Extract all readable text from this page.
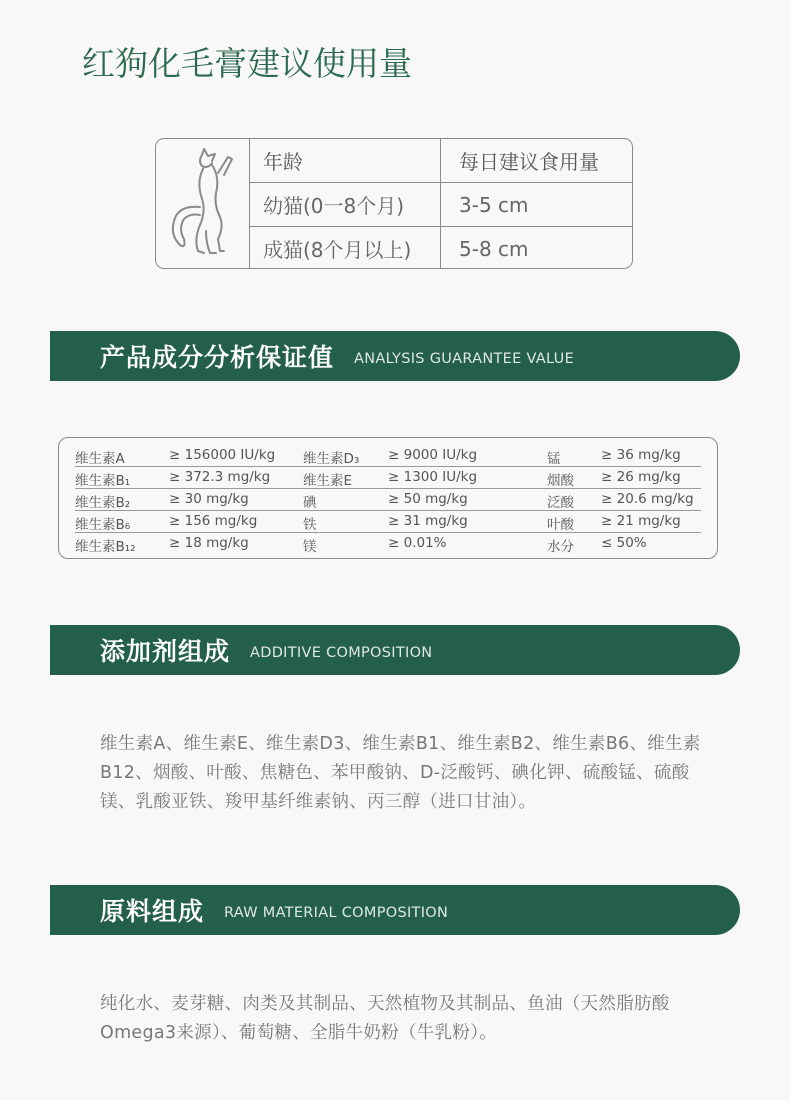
红狗化毛膏建议使用量
年龄	每日建议食用量
幼猫(0一8个月)	3-5 cm
成猫(8个月以上)	5-8 cm
产品成分分析保证值 ANALYSIS GUARANTEE VALUE
维生素A	≥ 156000 IU/kg 维生素D₃ ≥ 9000 IU/kg	锰	≥ 36 mg/kg
维生素B₁	≥ 372.3 mg/kg 维生素E	≥ 1300 IU/kg	烟酸 ≥ 26 mg/kg
维生素B₂	≥ 30 mg/kg	碘	≥ 50 mg/kg	泛酸 ≥ 20.6 mg/kg
维生素B₆	≥ 156 mg/kg	铁	≥ 31 mg/kg	叶酸 ≥ 21 mg/kg
维生素B₁₂ ≥ 18 mg/kg	镁	≥ 0.01%	水分 ≤ 50%
添加剂组成 ADDITIVE COMPOSITION

维生素A、维生素E、维生素D3、维生素B1、维生素B2、维生素B6、维生素B12、烟酸、叶酸、焦糖色、苯甲酸钠、D-泛酸钙、碘化钾、硫酸锰、硫酸镁、乳酸亚铁、羧甲基纤维素钠、丙三醇（进口甘油）。

原料组成 RAW MATERIAL COMPOSITION

纯化水、麦芽糖、肉类及其制品、天然植物及其制品、鱼油（天然脂肪酸Omega3来源）、葡萄糖、全脂牛奶粉（牛乳粉）。
